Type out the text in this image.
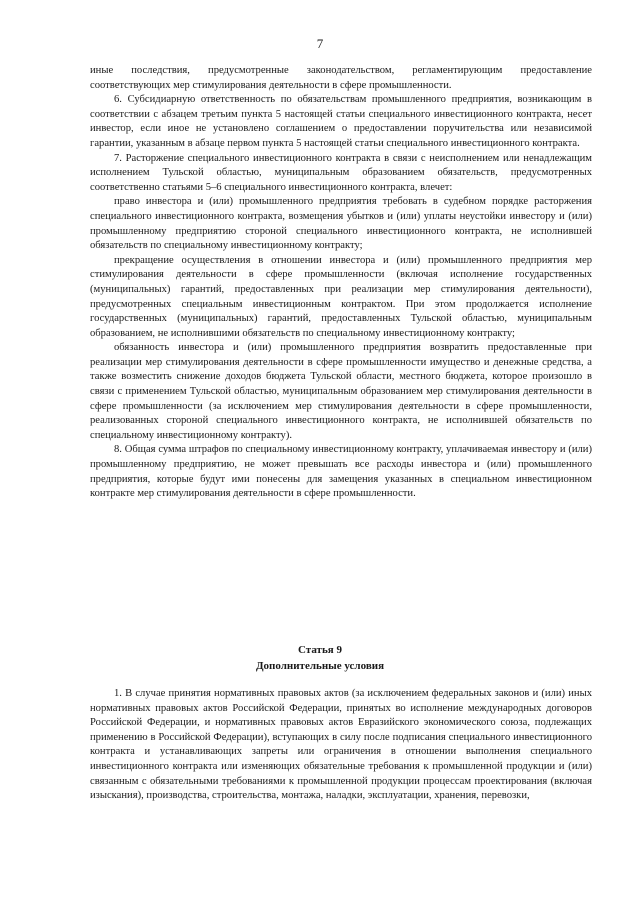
7

иные последствия, предусмотренные законодательством, регламентирующим предоставление соответствующих мер стимулирования деятельности в сфере промышленности.

6. Субсидиарную ответственность по обязательствам промышленного предприятия, возникающим в соответствии с абзацем третьим пункта 5 настоящей статьи специального инвестиционного контракта, несет инвестор, если иное не установлено соглашением о предоставлении поручительства или независимой гарантии, указанным в абзаце первом пункта 5 настоящей статьи специального инвестиционного контракта.

7. Расторжение специального инвестиционного контракта в связи с неисполнением или ненадлежащим исполнением Тульской областью, муниципальным образованием обязательств, предусмотренных соответственно статьями 5–6 специального инвестиционного контракта, влечет:

право инвестора и (или) промышленного предприятия требовать в судебном порядке расторжения специального инвестиционного контракта, возмещения убытков и (или) уплаты неустойки инвестору и (или) промышленному предприятию стороной специального инвестиционного контракта, не исполнившей обязательств по специальному инвестиционному контракту;

прекращение осуществления в отношении инвестора и (или) промышленного предприятия мер стимулирования деятельности в сфере промышленности (включая исполнение государственных (муниципальных) гарантий, предоставленных при реализации мер стимулирования деятельности), предусмотренных специальным инвестиционным контрактом. При этом продолжается исполнение государственных (муниципальных) гарантий, предоставленных Тульской областью, муниципальным образованием, не исполнившими обязательств по специальному инвестиционному контракту;

обязанность инвестора и (или) промышленного предприятия возвратить предоставленные при реализации мер стимулирования деятельности в сфере промышленности имущество и денежные средства, а также возместить снижение доходов бюджета Тульской области, местного бюджета, которое произошло в связи с применением Тульской областью, муниципальным образованием мер стимулирования деятельности в сфере промышленности (за исключением мер стимулирования деятельности в сфере промышленности, реализованных стороной специального инвестиционного контракта, не исполнившей обязательств по специальному инвестиционному контракту).

8. Общая сумма штрафов по специальному инвестиционному контракту, уплачиваемая инвестору и (или) промышленному предприятию, не может превышать все расходы инвестора и (или) промышленного предприятия, которые будут ими понесены для замещения указанных в специальном инвестиционном контракте мер стимулирования деятельности в сфере промышленности.

Статья 9
Дополнительные условия

1. В случае принятия нормативных правовых актов (за исключением федеральных законов и (или) иных нормативных правовых актов Российской Федерации, принятых во исполнение международных договоров Российской Федерации, и нормативных правовых актов Евразийского экономического союза, подлежащих применению в Российской Федерации), вступающих в силу после подписания специального инвестиционного контракта и устанавливающих запреты или ограничения в отношении выполнения специального инвестиционного контракта или изменяющих обязательные требования к промышленной продукции и (или) связанным с обязательными требованиями к промышленной продукции процессам проектирования (включая изыскания), производства, строительства, монтажа, наладки, эксплуатации, хранения, перевозки,
